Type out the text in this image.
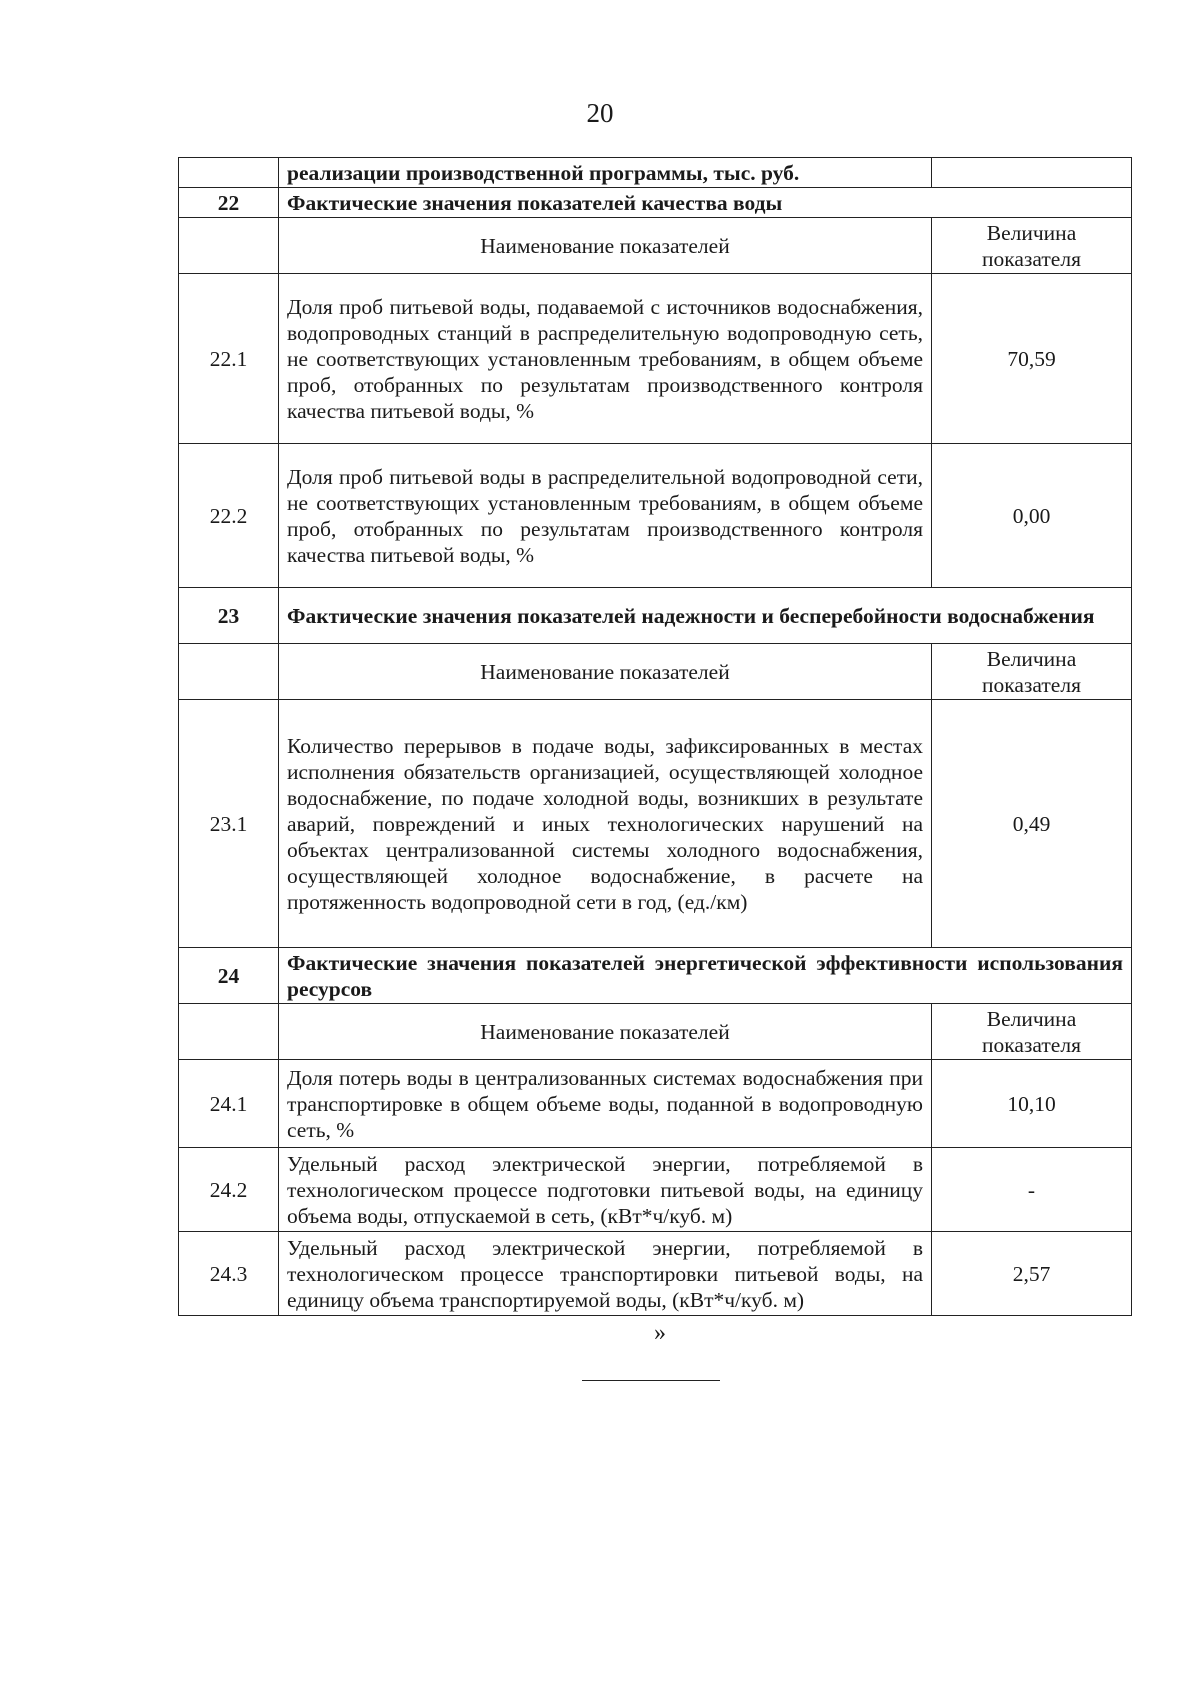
20
	реализации производственной программы, тыс. руб.	
22	Фактические значения показателей качества воды	
	Наименование показателей	Величина показателя
22.1	Доля проб питьевой воды, подаваемой с источников водоснабжения, водопроводных станций в распределительную водопроводную сеть, не соответствующих установленным требованиям, в общем объеме проб, отобранных по результатам производственного контроля качества питьевой воды, %	70,59
22.2	Доля проб питьевой воды в распределительной водопроводной сети, не соответствующих установленным требованиям, в общем объеме проб, отобранных по результатам производственного контроля качества питьевой воды, %	0,00
23	Фактические значения показателей надежности и бесперебойности водоснабжения	
	Наименование показателей	Величина показателя
23.1	Количество перерывов в подаче воды, зафиксированных в местах исполнения обязательств организацией, осуществляющей холодное водоснабжение, по подаче холодной воды, возникших в результате аварий, повреждений и иных технологических нарушений на объектах централизованной системы холодного водоснабжения, осуществляющей холодное водоснабжение, в расчете на протяженность водопроводной сети в год, (ед./км)	0,49
24	Фактические значения показателей энергетической эффективности использования ресурсов	
	Наименование показателей	Величина показателя
24.1	Доля потерь воды в централизованных системах водоснабжения при транспортировке в общем объеме воды, поданной в водопроводную сеть, %	10,10
24.2	Удельный расход электрической энергии, потребляемой в технологическом процессе подготовки питьевой воды, на единицу объема воды, отпускаемой в сеть, (кВт*ч/куб. м)	-
24.3	Удельный расход электрической энергии, потребляемой в технологическом процессе транспортировки питьевой воды, на единицу объема транспортируемой воды, (кВт*ч/куб. м)	2,57
»
